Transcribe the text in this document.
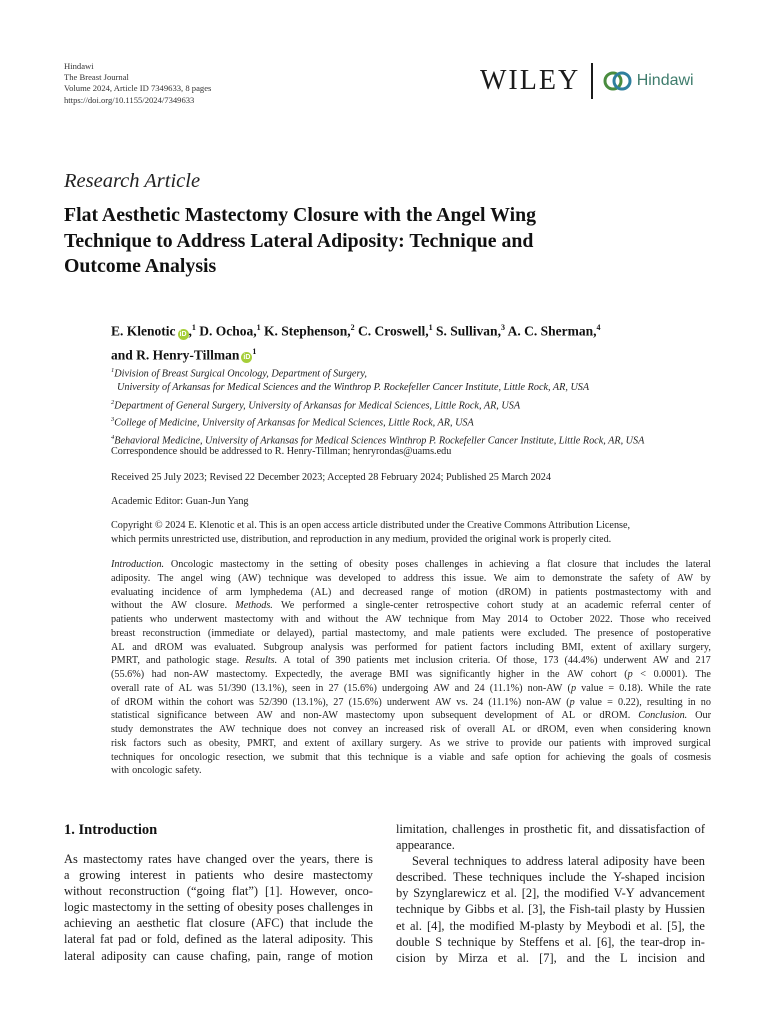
Hindawi
The Breast Journal
Volume 2024, Article ID 7349633, 8 pages
https://doi.org/10.1155/2024/7349633
WILEY	Hindawi
Research Article
Flat Aesthetic Mastectomy Closure with the Angel Wing
Technique to Address Lateral Adiposity: Technique and
Outcome Analysis
E. Klenotic iD ,$^1$ D. Ochoa,$^1$ K. Stephenson,$^2$ C. Croswell,$^1$ S. Sullivan,$^3$ A. C. Sherman,$^4$
and R. Henry-Tillman $iD^1$
$^1$Division of Breast Surgical Oncology, Department of Surgery,
University of Arkansas for Medical Sciences and the Winthrop P. Rockefeller Cancer Institute, Little Rock, AR, USA
$^2$Department of General Surgery, University of Arkansas for Medical Sciences, Little Rock, AR, USA
$^3$College of Medicine, University of Arkansas for Medical Sciences, Little Rock, AR, USA
$^4$Behavioral Medicine, University of Arkansas for Medical Sciences Winthrop P. Rockefeller Cancer Institute, Little Rock, AR, USA
Correspondence should be addressed to R. Henry-Tillman; henryrondas@uams.edu
Received 25 July 2023; Revised 22 December 2023; Accepted 28 February 2024; Published 25 March 2024
Academic Editor: Guan-Jun Yang
Copyright © 2024 E. Klenotic et al. This is an open access article distributed under the Creative Commons Attribution License,
which permits unrestricted use, distribution, and reproduction in any medium, provided the original work is properly cited.
Introduction. Oncologic mastectomy in the setting of obesity poses challenges in achieving a flat closure that includes the lateral
adiposity. The angel wing (AW) technique was developed to address this issue. We aim to demonstrate the safety of AW by
evaluating incidence of arm lymphedema (AL) and decreased range of motion (dROM) in patients postmastectomy with and
without the AW closure. Methods. We performed a single-center retrospective cohort study at an academic referral center of
patients who underwent mastectomy with and without the AW technique from May 2014 to October 2022. Those who received
breast reconstruction (immediate or delayed), partial mastectomy, and male patients were excluded. The presence of postoperative
AL and dROM was evaluated. Subgroup analysis was performed for patient factors including BMI, extent of axillary surgery,
PMRT, and pathologic stage. Results. A total of 390 patients met inclusion criteria. Of those, 173 (44.4%) underwent AW and 217
(55.6%) had non-AW mastectomy. Expectedly, the average BMI was significantly higher in the AW cohort (p < 0.0001). The
overall rate of AL was 51/390 (13.1%), seen in 27 (15.6%) undergoing AW and 24 (11.1%) non-AW (p value = 0.18). While the rate
of dROM within the cohort was 52/390 (13.1%), 27 (15.6%) underwent AW vs. 24 (11.1%) non-AW (p value = 0.22), resulting in no
statistical significance between AW and non-AW mastectomy upon subsequent development of AL or dROM. Conclusion. Our
study demonstrates the AW technique does not convey an increased risk of overall AL or dROM, even when considering known
risk factors such as obesity, PMRT, and extent of axillary surgery. As we strive to provide our patients with improved surgical
techniques for oncologic resection, we submit that this technique is a viable and safe option for achieving the goals of cosmesis
with oncologic safety.
1. Introduction
As mastectomy rates have changed over the years, there is
a growing interest in patients who desire mastectomy
without reconstruction (“going flat”) [1]. However, onco-
logic mastectomy in the setting of obesity poses challenges in
achieving an aesthetic flat closure (AFC) that include the
lateral fat pad or fold, defined as the lateral adiposity. This
lateral adiposity can cause chafing, pain, range of motion
limitation, challenges in prosthetic fit, and dissatisfaction of
appearance.
Several techniques to address lateral adiposity have been
described. These techniques include the Y-shaped incision
by Szynglarewicz et al. [2], the modified V-Y advancement
technique by Gibbs et al. [3], the Fish-tail plasty by Hussien
et al. [4], the modified M-plasty by Meybodi et al. [5], the
double S technique by Steffens et al. [6], the tear-drop in-
cision by Mirza et al. [7], and the L incision and
